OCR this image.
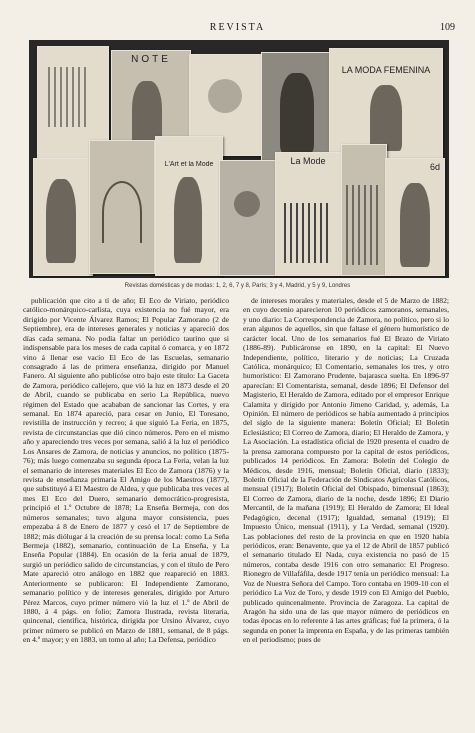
REVISTA	109
NOTE
LA MODA FEMENINA
L'Art et la Mode	La Mode
6d
Revistas domésticas y de modas: 1, 2, 6, 7 y 8, París; 3 y 4, Madrid, y 5 y 9, Londres

publicación que cito a tí de año; El Eco de Viriato, periódico católico-monárquico-carlista, cuya existencia no fué mayor, era dirigido por Vicente Álvarez Ramos; El Popular Zamorano (2 de Septiembre), era de intereses generales y noticias y apareció dos días cada semana. No podía faltar un periódico taurino que si indispensable para los meses de cada capital ó comarca, y en 1872 vino á llenar ese vacío El Eco de las Escuelas, semanario consagrado á las de primera enseñanza, dirigido por Manuel Fanero. Al siguiente año publicóse otro bajo este título: La Gaceta de Zamora, periódico callejero, que vió la luz en 1873 desde el 20 de Abril, cuando se publicaba en serio La República, nuevo régimen del Estado que acababan de sancionar las Cortes, y era semanal. En 1874 apareció, para cesar en Junio, El Toresano, revistilla de instrucción y recreo; á que siguió La Feria, en 1875, revista de circunstancias que dió cinco números. Pero en el mismo año y apareciendo tres veces por semana, salió á la luz el periódico Los Ansares de Zamora, de noticias y anuncios, no político (1875-76); más luego comenzaba su segunda época La Feria, velan la luz el semanario de intereses materiales El Eco de Zamora (1876) y la revista de enseñanza primaria El Amigo de los Maestros (1877), que substituyó á El Maestro de Aldea, y que publicaba tres veces al mes El Eco del Duero, semanario democrático-progresista, principió el 1.º Octubre de 1878; La Enseña Bermeja, con dos números semanales; tuvo alguna mayor consistencia, pues empezaba á 8 de Enero de 1877 y cesó el 17 de Septiembre de 1882; más diólugar á la creación de su prensa local: como La Seña Bermeja (1882), semanario, continuación de La Enseña, y La Enseña Popular (1884). En ocasión de la feria anual de 1879, surgió un periódico salido de circunstancias, y con el título de Pero Mate apareció otro análogo en 1882 que reapareció en 1883. Anteriormente se publicaron: El Independiente Zamorano, semanario político y de intereses generales, dirigido por Arturo Pérez Marcos, cuyo primer número vió la luz el 1.º de Abril de 1880, á 4 págs. en folio; Zamora Ilustrada, revista literaria, quincenal, científica, histórica, dirigida por Ursino Álvarez, cuyo primer número se publicó en Marzo de 1881, semanal, de 8 págs. en 4.º mayor; y en 1883, un tomo al año; La Defensa, periódico

de intereses morales y materiales, desde el 5 de Marzo de 1882; en cuyo decenio aparecieron 10 periódicos zamoranos, semanales, y uno diario: La Correspondencia de Zamora, no político, pero si lo eran algunos de aquellos, sin que faltase el género humorístico de carácter local. Uno de los semanarios fué El Brazo de Viriato (1886-89). Publicáronse en 1890, en la capital: El Nuevo Independiente, político, literario y de noticias; La Cruzada Católica, monárquico; El Comentario, semanales los tres, y otro humorístico: El Zamorano Prudente, bajarasca suelta. En 1896-97 aparecían: El Comentarista, semanal, desde 1896; El Defensor del Magisterio, El Heraldo de Zamora, editado por el empresor Enrique Calamita y dirigido por Antonio Jimeno Caridad, y, además, La Opinión. El número de periódicos se había aumentado á principios del siglo de la siguiente manera: Boletín Oficial; El Boletín Eclesiástico; El Correo de Zamora, diario; El Heraldo de Zamora, y La Asociación. La estadística oficial de 1920 presenta el cuadro de la prensa zamorana compuesto por la capital de estos periódicos, publicados 14 periódicos. En Zamora: Boletín del Colegio de Médicos, desde 1916, mensual; Boletín Oficial, diario (1833); Boletín Oficial de la Federación de Sindicatos Agrícolas Católicos, mensual (1917); Boletín Oficial del Obispado, bimensual (1863); El Correo de Zamora, diario de la noche, desde 1896; El Diario Mercantil, de la mañana (1919); El Heraldo de Zamora; El Ideal Pedagógico, decenal (1917); Igualdad, semanal (1919); El Impuesto Único, mensual (1911), y La Verdad, semanal (1920). Las poblaciones del resto de la provincia en que en 1920 había periódicos, eran: Benavente, que ya el 12 de Abril de 1857 publicó el semanario titulado El Nada, cuya existencia no pasó de 15 números, contaba desde 1916 con otro semanario: El Progreso. Rionegro de Villafáfila, desde 1917 tenía un periódico mensual: La Voz de Nuestra Señora del Campo. Toro contaba en 1909-10 con el periódico La Voz de Toro, y desde 1919 con El Amigo del Pueblo, publicado quincenalmente. Provincia de Zaragoza. La capital de Aragón ha sido una de las que mayor número de periódicos en todas épocas en lo referente á las artes gráficas; fué la primera, ó la segunda en poner la imprenta en España, y de las primeras también en el periodismo; pues de
